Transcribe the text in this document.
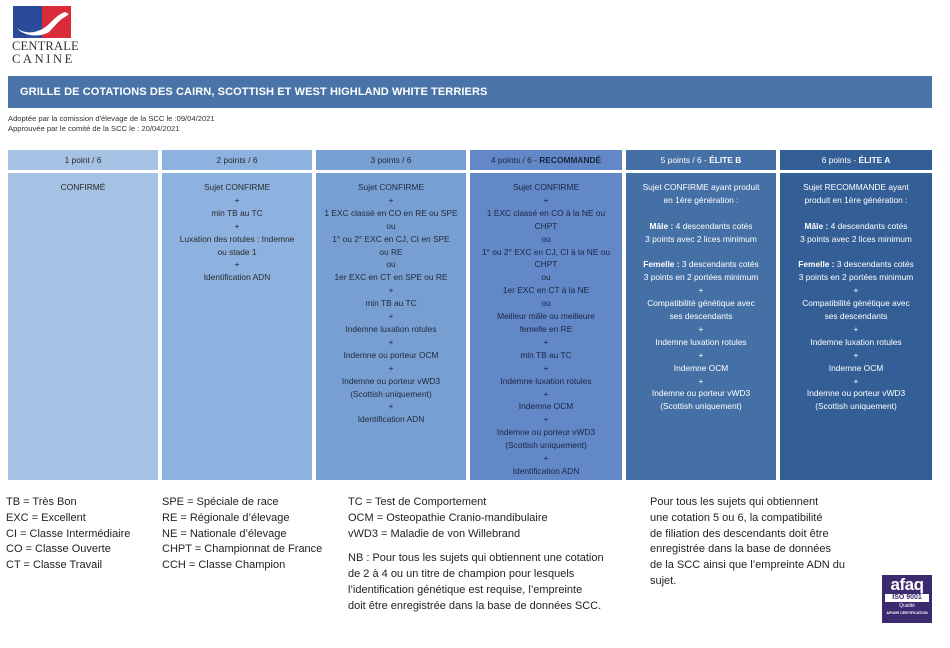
CENTRALE
CANINE
GRILLE DE COTATIONS DES CAIRN, SCOTTISH ET WEST HIGHLAND WHITE TERRIERS
Adoptée par la comission d'élevage de la SCC le :09/04/2021
Approuvée par le comité de la SCC le : 20/04/2021
1 point / 6
CONFIRMÉ
2 points / 6
Sujet CONFIRME
+
min TB au TC
+
Luxation des rotules : Indemne
ou stade 1
+
Identification ADN
3 points / 6
Sujet CONFIRME
+
1 EXC classé en CO en RE ou SPE
ou
1° ou 2° EXC en CJ, CI en SPE
ou RE
ou
1er EXC en CT en SPE ou RE
+
min TB au TC
+
Indemne luxation rotules
+
Indemne ou porteur OCM
+
Indemne ou porteur vWD3
(Scottish uniquement)
+
Identification ADN
4 points / 6 - RECOMMANDÉ
Sujet CONFIRME
+
1 EXC classé en CO à la NE ou
CHPT
ou
1° ou 2° EXC en CJ, CI à la NE ou
CHPT
ou
1er EXC en CT à la NE
ou
Meilleur mâle ou meilleure
femelle en RE
+
min TB au TC
+
Indemne luxation rotules
+
Indemne OCM
+
Indemne ou porteur vWD3
(Scottish uniquement)
+
Identification ADN
5 points / 6 - ÉLITE B
Sujet CONFIRME ayant produit
en 1ère génération :
Mâle : 4 descendants cotés
3 points avec 2 lices minimum
Femelle : 3 descendants cotés
3 points en 2 portées minimum
+
Compatibilité génétique avec
ses descendants
+
Indemne luxation rotules
+
Indemne OCM
+
Indemne ou porteur vWD3
(Scottish uniquement)
6 points - ÉLITE A
Sujet RECOMMANDE ayant
produit en 1ère génération :
Mâle : 4 descendants cotés
3 points avec 2 lices minimum
Femelle : 3 descendants cotés
3 points en 2 portées minimum
+
Compatibilité génétique avec
ses descendants
+
Indemne luxation rotules
+
Indemne OCM
+
Indemne ou porteur vWD3
(Scottish uniquement)
TB = Très Bon
EXC = Excellent
CI = Classe Intermédiaire
CO = Classe Ouverte
CT = Classe Travail
SPE = Spéciale de race
RE = Régionale d’élevage
NE = Nationale d’élevage
CHPT = Championnat de France
CCH = Classe Champion
TC = Test de Comportement
OCM = Osteopathie Cranio-mandibulaire
vWD3 = Maladie de von Willebrand
NB : Pour tous les sujets qui obtiennent une cotation
de 2 à 4 ou un titre de champion pour lesquels
l’identification génétique est requise, l’empreinte
doit être enregistrée dans la base de données SCC.
Pour tous les sujets qui obtiennent
une cotation 5 ou 6, la compatibilité
de filiation des descendants doit être
enregistrée dans la base de données
de la SCC ainsi que l’empreinte ADN du
sujet.	afaq
ISO 9001
Qualité
AFNOR CERTIFICATION
